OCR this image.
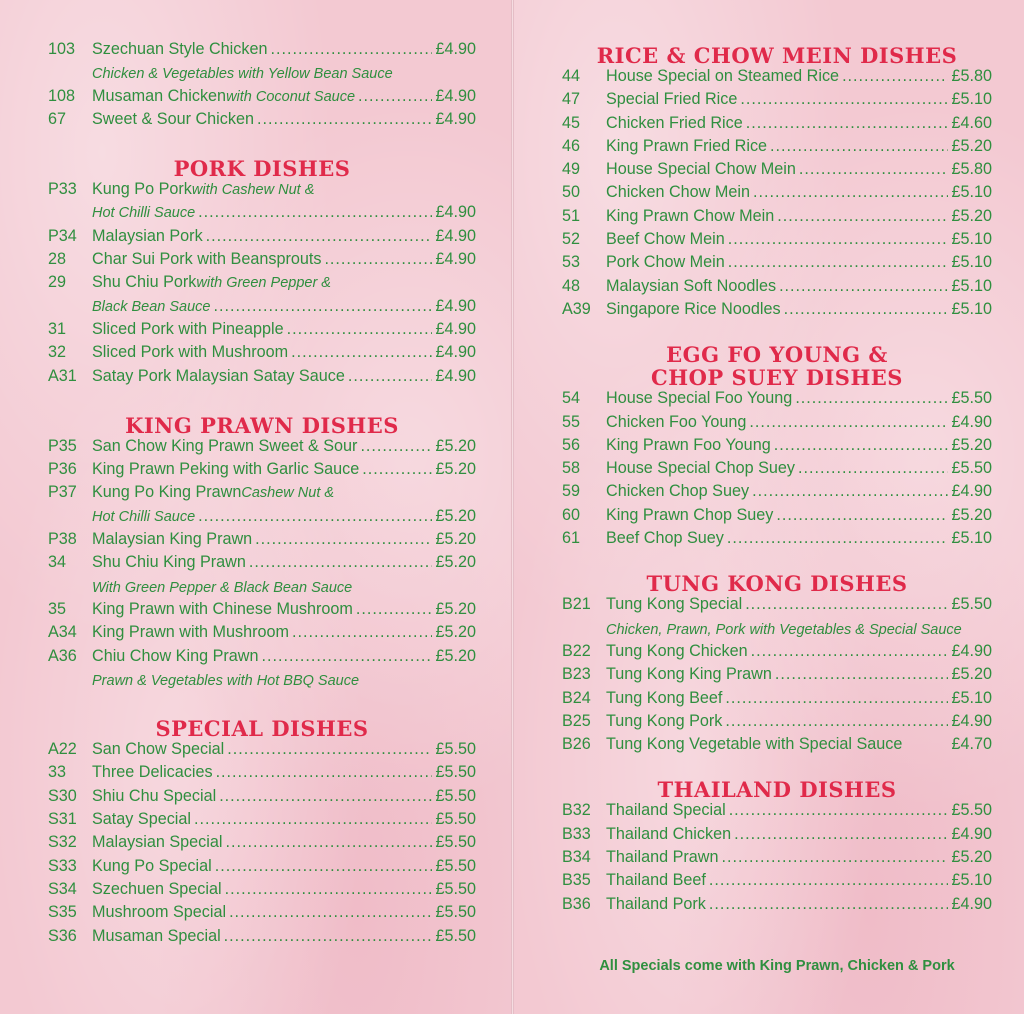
103	Szechuan Style Chicken .....	£4.90
Chicken & Vegetables with Yellow Bean Sauce
108	Musaman Chicken with Coconut Sauce .....	£4.90
67	Sweet & Sour Chicken .....	£4.90
PORK DISHES
P33 Kung Po Pork with Cashew Nut &
Hot Chilli Sauce .....	£4.90
P34 Malaysian Pork .....	£4.90
28	Char Sui Pork with Beansprouts .....	£4.90
29	Shu Chiu Pork with Green Pepper &
Black Bean Sauce .....	£4.90
31	Sliced Pork with Pineapple .....	£4.90
32	Sliced Pork with Mushroom .....	£4.90
A31 Satay Pork Malaysian Satay Sauce .....	£4.90
KING PRAWN DISHES
P35 San Chow King Prawn Sweet & Sour .....	£5.20
P36 King Prawn Peking with Garlic Sauce .....	£5.20
P37 Kung Po King Prawn Cashew Nut &
Hot Chilli Sauce .....	£5.20
P38 Malaysian King Prawn .....	£5.20
34	Shu Chiu King Prawn .....	£5.20
With Green Pepper & Black Bean Sauce
35	King Prawn with Chinese Mushroom .....	£5.20
A34 King Prawn with Mushroom .....	£5.20
A36 Chiu Chow King Prawn .....	£5.20
Prawn & Vegetables with Hot BBQ Sauce
SPECIAL DISHES
A22 San Chow Special .....	£5.50
33	Three Delicacies .....	£5.50
S30 Shiu Chu Special .....	£5.50
S31 Satay Special .....	£5.50
S32 Malaysian Special .....	£5.50
S33 Kung Po Special .....	£5.50
S34 Szechuen Special .....	£5.50
S35 Mushroom Special .....	£5.50
S36 Musaman Special .....	£5.50
RICE & CHOW MEIN DISHES
44	House Special on Steamed Rice .....	£5.80
47	Special Fried Rice .....	£5.10
45	Chicken Fried Rice .....	£4.60
46	King Prawn Fried Rice .....	£5.20
49	House Special Chow Mein .....	£5.80
50	Chicken Chow Mein .....	£5.10
51	King Prawn Chow Mein .....	£5.20
52	Beef Chow Mein .....	£5.10
53	Pork Chow Mein .....	£5.10
48	Malaysian Soft Noodles .....	£5.10
A39 Singapore Rice Noodles .....	£5.10
EGG FO YOUNG &
CHOP SUEY DISHES
54	House Special Foo Young .....	£5.50
55	Chicken Foo Young .....	£4.90
56	King Prawn Foo Young .....	£5.20
58	House Special Chop Suey .....	£5.50
59	Chicken Chop Suey .....	£4.90
60	King Prawn Chop Suey .....	£5.20
61	Beef Chop Suey .....	£5.10
TUNG KONG DISHES
B21 Tung Kong Special .....	£5.50
Chicken, Prawn, Pork with Vegetables & Special Sauce
B22 Tung Kong Chicken .....	£4.90
B23 Tung Kong King Prawn .....	£5.20
B24 Tung Kong Beef .....	£5.10
B25 Tung Kong Pork .....	£4.90
B26 Tung Kong Vegetable with Special Sauce	£4.70
THAILAND DISHES
B32 Thailand Special .....	£5.50
B33 Thailand Chicken .....	£4.90
B34 Thailand Prawn .....	£5.20
B35 Thailand Beef .....	£5.10
B36 Thailand Pork .....	£4.90
All Specials come with King Prawn, Chicken & Pork
